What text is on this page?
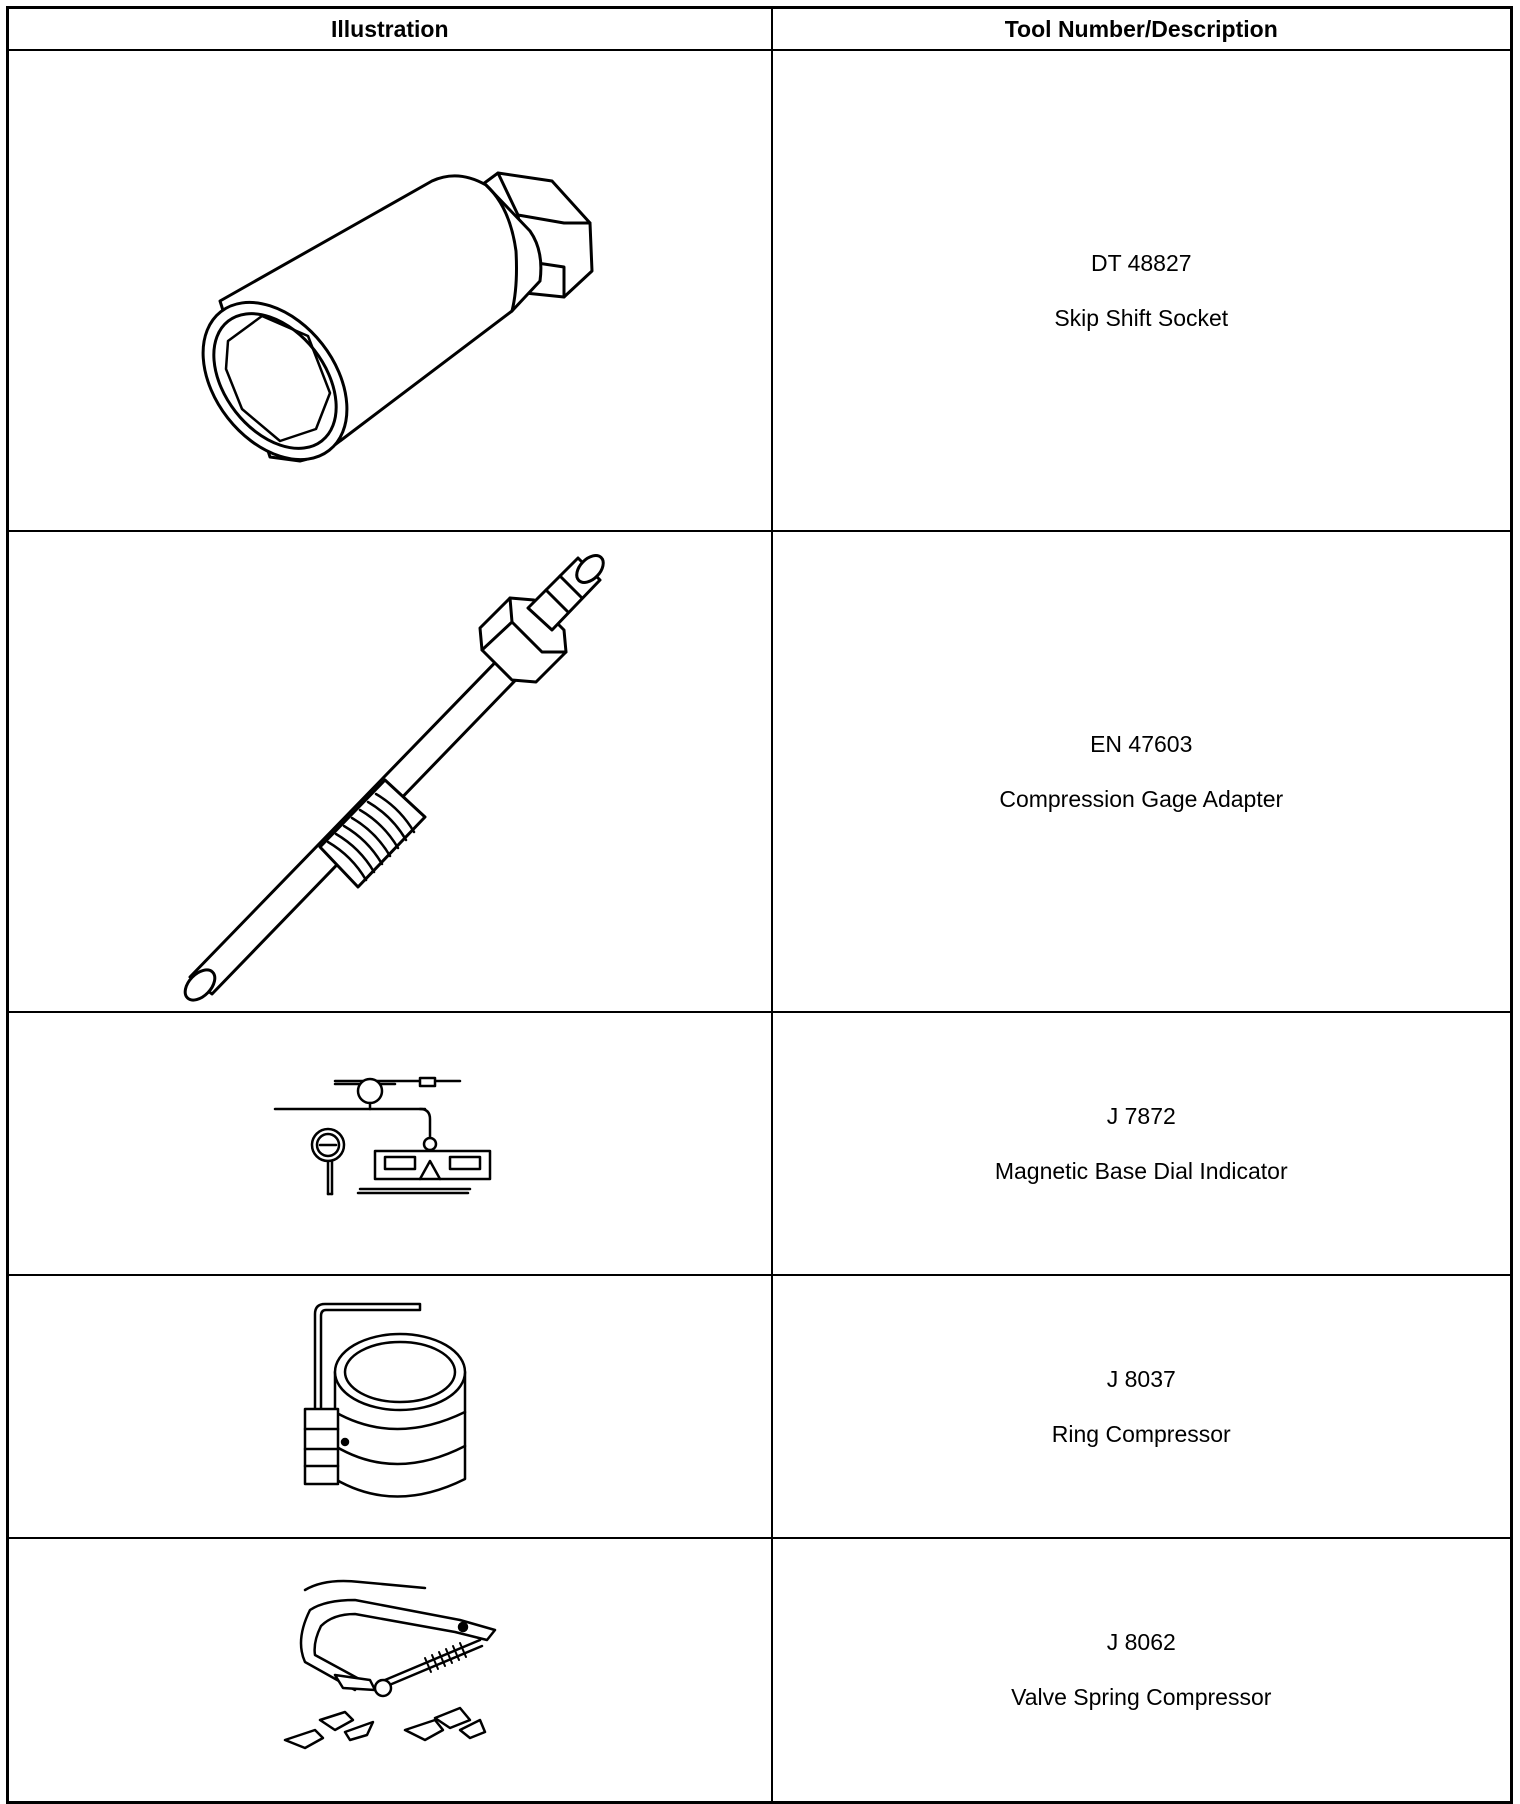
Illustration	Tool Number/Description

DT 48827
Skip Shift Socket

EN 47603
Compression Gage Adapter

J 7872
Magnetic Base Dial Indicator

J 8037
Ring Compressor

J 8062
Valve Spring Compressor
